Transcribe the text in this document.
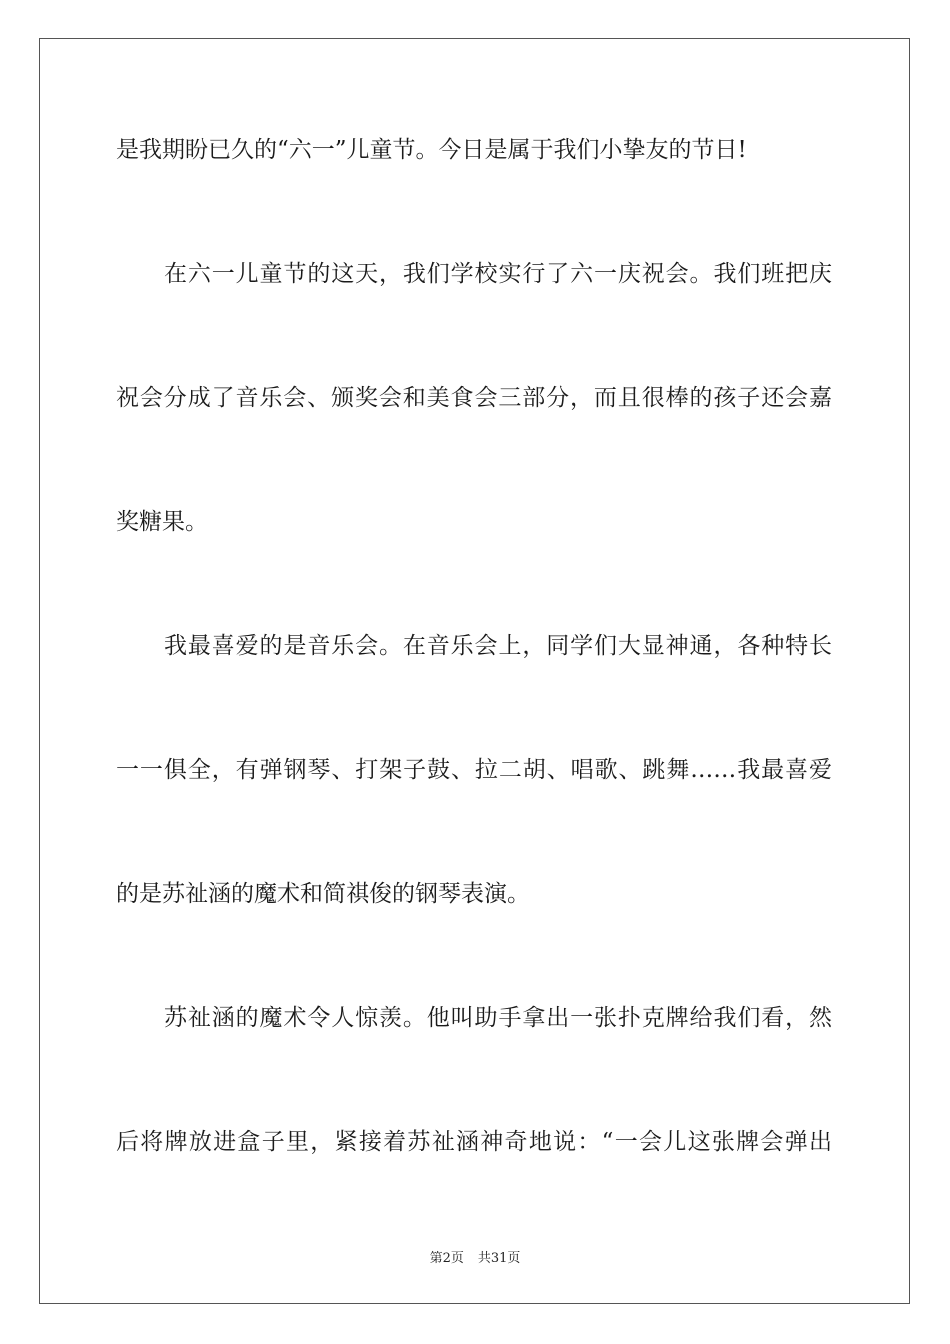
是我期盼已久的“六一”儿童节。今日是属于我们小挚友的节日!

在六一儿童节的这天，我们学校实行了六一庆祝会。我们班把庆

祝会分成了音乐会、颁奖会和美食会三部分，而且很棒的孩子还会嘉

奖糖果。

我最喜爱的是音乐会。在音乐会上，同学们大显神通，各种特长

一一俱全，有弹钢琴、打架子鼓、拉二胡、唱歌、跳舞……我最喜爱

的是苏祉涵的魔术和简祺俊的钢琴表演。

苏祉涵的魔术令人惊羡。他叫助手拿出一张扑克牌给我们看，然

后将牌放进盒子里，紧接着苏祉涵神奇地说：“一会儿这张牌会弹出

第2页 共31页
